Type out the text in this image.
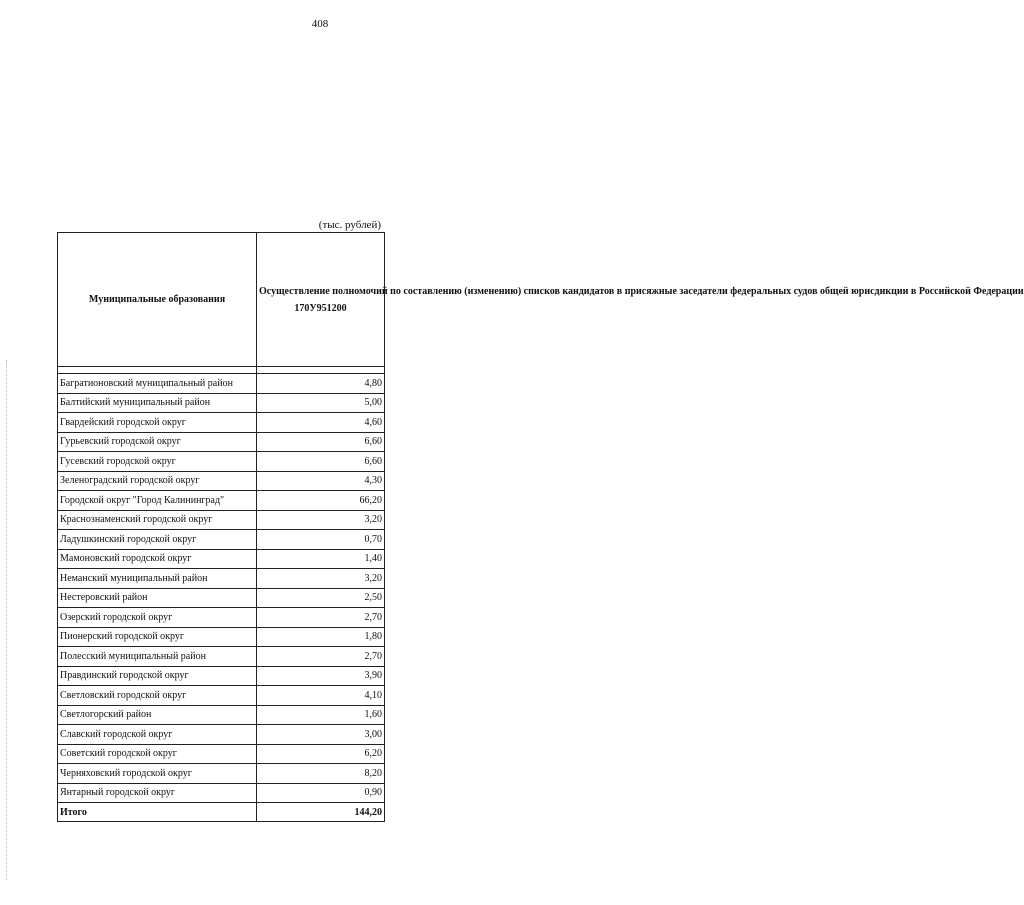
408
(тыс. рублей)
Муниципальные образования	Осуществление полномочий по составлению (изменению) списков кандидатов в присяжные заседатели федеральных судов общей юрисдикции в Российской Федерации
170У951200

Багратионовский муниципальный район	4,80
Балтийский муниципальный район	5,00
Гвардейский городской округ	4,60
Гурьевский городской округ	6,60
Гусевский городской округ	6,60
Зеленоградский городской округ	4,30
Городской округ "Город Калининград"	66,20
Краснознаменский городской округ	3,20
Ладушкинский городской округ	0,70
Мамоновский городской округ	1,40
Неманский муниципальный район	3,20
Нестеровский район	2,50
Озерский городской округ	2,70
Пионерский городской округ	1,80
Полесский муниципальный район	2,70
Правдинский городской округ	3,90
Светловский городской округ	4,10
Светлогорский район	1,60
Славский городской округ	3,00
Советский городской округ	6,20
Черняховский городской округ	8,20
Янтарный городской округ	0,90
Итого	144,20
